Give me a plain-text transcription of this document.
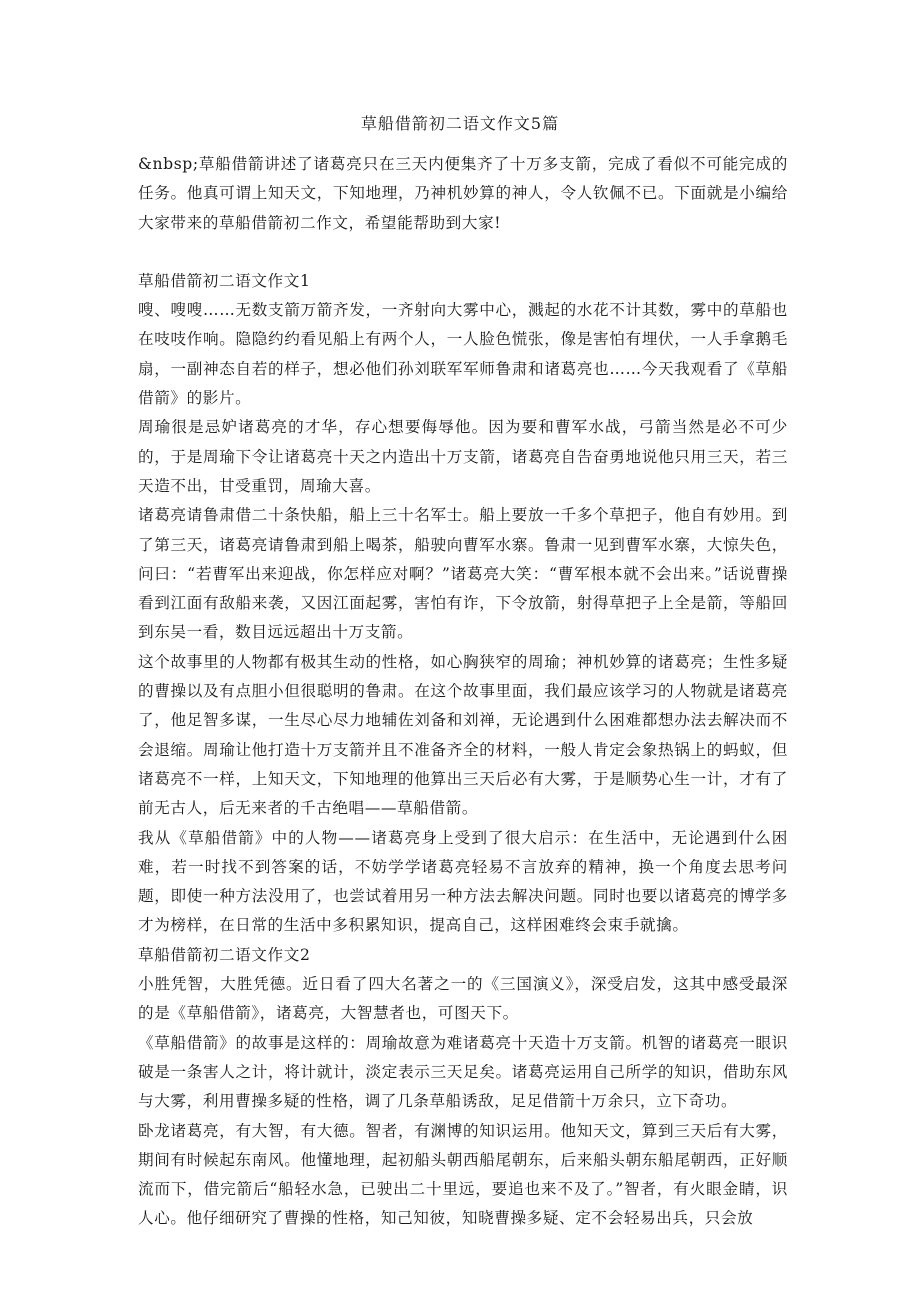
草船借箭初二语文作文5篇

&nbsp;草船借箭讲述了诸葛亮只在三天内便集齐了十万多支箭，完成了看似不可能完成的任务。他真可谓上知天文，下知地理，乃神机妙算的神人，令人钦佩不已。下面就是小编给大家带来的草船借箭初二作文，希望能帮助到大家!

草船借箭初二语文作文1

嗖、嗖嗖……无数支箭万箭齐发，一齐射向大雾中心，溅起的水花不计其数，雾中的草船也在吱吱作响。隐隐约约看见船上有两个人，一人脸色慌张，像是害怕有埋伏，一人手拿鹅毛扇，一副神态自若的样子，想必他们孙刘联军军师鲁肃和诸葛亮也……今天我观看了《草船借箭》的影片。

周瑜很是忌妒诸葛亮的才华，存心想要侮辱他。因为要和曹军水战，弓箭当然是必不可少的，于是周瑜下令让诸葛亮十天之内造出十万支箭，诸葛亮自告奋勇地说他只用三天，若三天造不出，甘受重罚，周瑜大喜。

诸葛亮请鲁肃借二十条快船，船上三十名军士。船上要放一千多个草把子，他自有妙用。到了第三天，诸葛亮请鲁肃到船上喝茶，船驶向曹军水寨。鲁肃一见到曹军水寨，大惊失色，问曰：“若曹军出来迎战，你怎样应对啊？”诸葛亮大笑：“曹军根本就不会出来。”话说曹操看到江面有敌船来袭，又因江面起雾，害怕有诈，下令放箭，射得草把子上全是箭，等船回到东吴一看，数目远远超出十万支箭。

这个故事里的人物都有极其生动的性格，如心胸狭窄的周瑜；神机妙算的诸葛亮；生性多疑的曹操以及有点胆小但很聪明的鲁肃。在这个故事里面，我们最应该学习的人物就是诸葛亮了，他足智多谋，一生尽心尽力地辅佐刘备和刘禅，无论遇到什么困难都想办法去解决而不会退缩。周瑜让他打造十万支箭并且不准备齐全的材料，一般人肯定会象热锅上的蚂蚁，但诸葛亮不一样，上知天文，下知地理的他算出三天后必有大雾，于是顺势心生一计，才有了前无古人，后无来者的千古绝唱——草船借箭。

我从《草船借箭》中的人物——诸葛亮身上受到了很大启示：在生活中，无论遇到什么困难，若一时找不到答案的话，不妨学学诸葛亮轻易不言放弃的精神，换一个角度去思考问题，即使一种方法没用了，也尝试着用另一种方法去解决问题。同时也要以诸葛亮的博学多才为榜样，在日常的生活中多积累知识，提高自己，这样困难终会束手就擒。

草船借箭初二语文作文2

小胜凭智，大胜凭德。近日看了四大名著之一的《三国演义》，深受启发，这其中感受最深的是《草船借箭》，诸葛亮，大智慧者也，可图天下。

《草船借箭》的故事是这样的：周瑜故意为难诸葛亮十天造十万支箭。机智的诸葛亮一眼识破是一条害人之计，将计就计，淡定表示三天足矣。诸葛亮运用自己所学的知识，借助东风与大雾，利用曹操多疑的性格，调了几条草船诱敌，足足借箭十万余只，立下奇功。

卧龙诸葛亮，有大智，有大德。智者，有渊博的知识运用。他知天文，算到三天后有大雾，期间有时候起东南风。他懂地理，起初船头朝西船尾朝东，后来船头朝东船尾朝西，正好顺流而下，借完箭后“船轻水急，已驶出二十里远，要追也来不及了。”智者，有火眼金睛，识人心。他仔细研究了曹操的性格，知己知彼，知晓曹操多疑、定不会轻易出兵，只会放
